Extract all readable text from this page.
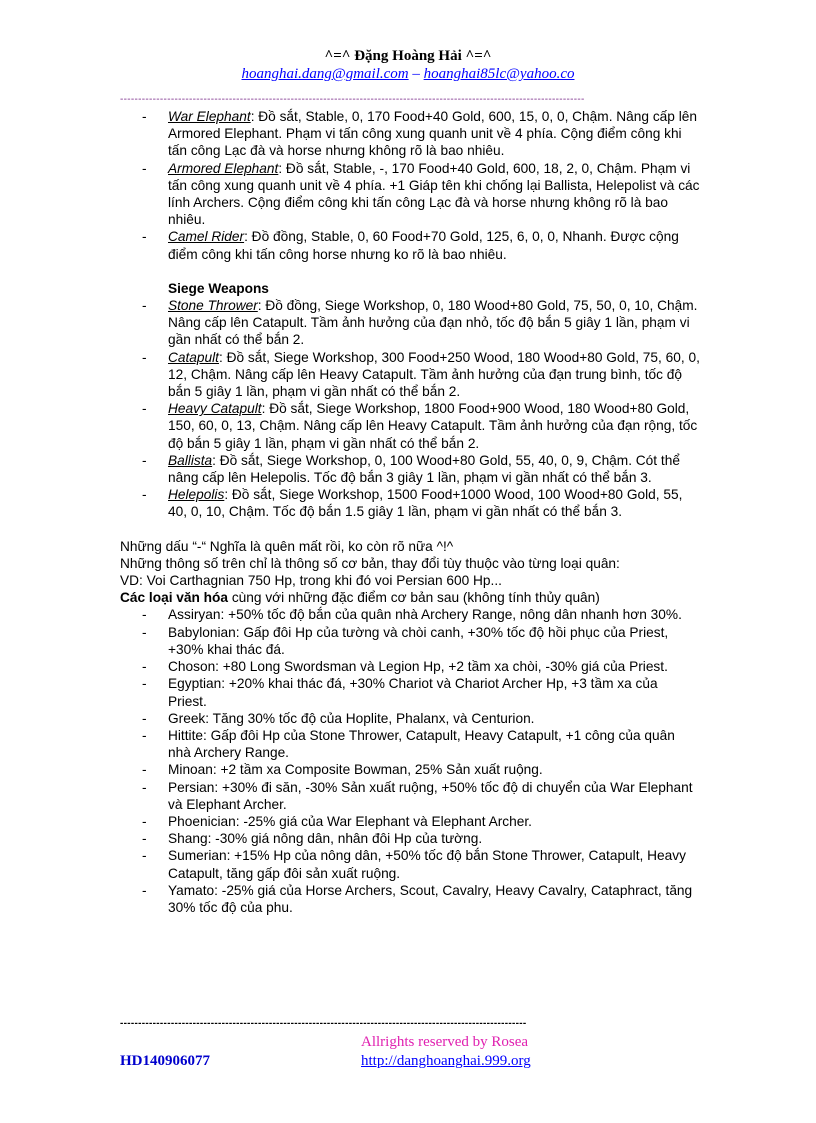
^=^ Đặng Hoàng Hải ^=^
hoanghai.dang@gmail.com – hoanghai85lc@yahoo.co
--------------------------------------------------------------------------------------------------------------------------------
- War Elephant: Đồ sắt, Stable, 0, 170 Food+40 Gold, 600, 15, 0, 0, Chậm. Nâng cấp lên Armored Elephant. Phạm vi tấn công xung quanh unit về 4 phía. Cộng điểm công khi tấn công Lạc đà và horse nhưng không rõ là bao nhiêu.
- Armored Elephant: Đồ sắt, Stable, -, 170 Food+40 Gold, 600, 18, 2, 0, Chậm. Phạm vi tấn công xung quanh unit về 4 phía. +1 Giáp tên khi chống lại Ballista, Helepolist và các lính Archers. Cộng điểm công khi tấn công Lạc đà và horse nhưng không rõ là bao nhiêu.
- Camel Rider: Đồ đồng, Stable, 0, 60 Food+70 Gold, 125, 6, 0, 0, Nhanh. Được cộng điểm công khi tấn công horse nhưng ko rõ là bao nhiêu.
Siege Weapons
- Stone Thrower: Đồ đồng, Siege Workshop, 0, 180 Wood+80 Gold, 75, 50, 0, 10, Chậm. Nâng cấp lên Catapult. Tầm ảnh hưởng của đạn nhỏ, tốc độ bắn 5 giây 1 lần, phạm vi gần nhất có thể bắn 2.
- Catapult: Đồ sắt, Siege Workshop, 300 Food+250 Wood, 180 Wood+80 Gold, 75, 60, 0, 12, Chậm. Nâng cấp lên Heavy Catapult. Tầm ảnh hưởng của đạn trung bình, tốc độ bắn 5 giây 1 lần, phạm vi gần nhất có thể bắn 2.
- Heavy Catapult: Đồ sắt, Siege Workshop, 1800 Food+900 Wood, 180 Wood+80 Gold, 150, 60, 0, 13, Chậm. Nâng cấp lên Heavy Catapult. Tầm ảnh hưởng của đạn rộng, tốc độ bắn 5 giây 1 lần, phạm vi gần nhất có thể bắn 2.
- Ballista: Đồ sắt, Siege Workshop, 0, 100 Wood+80 Gold, 55, 40, 0, 9, Chậm. Cót thể nâng cấp lên Helepolis. Tốc độ bắn 3 giây 1 lần, phạm vi gần nhất có thể bắn 3.
- Helepolis: Đồ sắt, Siege Workshop, 1500 Food+1000 Wood, 100 Wood+80 Gold, 55, 40, 0, 10, Chậm. Tốc độ bắn 1.5 giây 1 lần, phạm vi gần nhất có thể bắn 3.
Những dấu “-“ Nghĩa là quên mất rồi, ko còn rõ nữa ^!^
Những thông số trên chỉ là thông số cơ bản, thay đổi tùy thuộc vào từng loại quân:
VD: Voi Carthagnian 750 Hp, trong khi đó voi Persian 600 Hp...
Các loại văn hóa cùng với những đặc điểm cơ bản sau (không tính thủy quân)
- Assiryan: +50% tốc độ bắn của quân nhà Archery Range, nông dân nhanh hơn 30%.
- Babylonian: Gấp đôi Hp của tường và chòi canh, +30% tốc độ hồi phục của Priest, +30% khai thác đá.
- Choson: +80 Long Swordsman và Legion Hp, +2 tầm xa chòi, -30% giá của Priest.
- Egyptian: +20% khai thác đá, +30% Chariot và Chariot Archer Hp, +3 tầm xa của Priest.
- Greek: Tăng 30% tốc độ của Hoplite, Phalanx, và Centurion.
- Hittite: Gấp đôi Hp của Stone Thrower, Catapult, Heavy Catapult, +1 công của quân nhà Archery Range.
- Minoan: +2 tầm xa Composite Bowman, 25% Sản xuất ruộng.
- Persian: +30% đi săn, -30% Sản xuất ruộng, +50% tốc độ di chuyển của War Elephant và Elephant Archer.
- Phoenician: -25% giá của War Elephant và Elephant Archer.
- Shang: -30% giá nông dân, nhân đôi Hp của tường.
- Sumerian: +15% Hp của nông dân, +50% tốc độ bắn Stone Thrower, Catapult, Heavy Catapult, tăng gấp đôi sản xuất ruộng.
- Yamato: -25% giá của Horse Archers, Scout, Cavalry, Heavy Cavalry, Cataphract, tăng 30% tốc độ của phu.
----------------------------------------------------------------------------------------------------------------
HD140906077
Allrights reserved by Rosea
http://danghoanghai.999.org
